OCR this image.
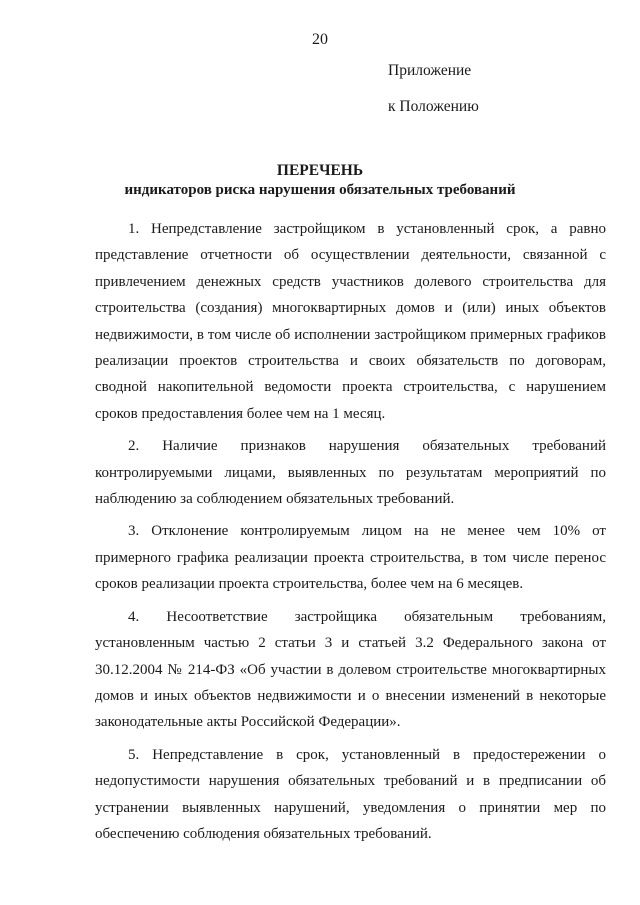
20
Приложение
к Положению
ПЕРЕЧЕНЬ
индикаторов риска нарушения обязательных требований

1. Непредставление застройщиком в установленный срок, а равно представление отчетности об осуществлении деятельности, связанной с привлечением денежных средств участников долевого строительства для строительства (создания) многоквартирных домов и (или) иных объектов недвижимости, в том числе об исполнении застройщиком примерных графиков реализации проектов строительства и своих обязательств по договорам, сводной накопительной ведомости проекта строительства, с нарушением сроков предоставления более чем на 1 месяц.

2. Наличие признаков нарушения обязательных требований контролируемыми лицами, выявленных по результатам мероприятий по наблюдению за соблюдением обязательных требований.

3. Отклонение контролируемым лицом на не менее чем 10% от примерного графика реализации проекта строительства, в том числе перенос сроков реализации проекта строительства, более чем на 6 месяцев.

4. Несоответствие застройщика обязательным требованиям, установленным частью 2 статьи 3 и статьей 3.2 Федерального закона от 30.12.2004 № 214-ФЗ «Об участии в долевом строительстве многоквартирных домов и иных объектов недвижимости и о внесении изменений в некоторые законодательные акты Российской Федерации».

5. Непредставление в срок, установленный в предостережении о недопустимости нарушения обязательных требований и в предписании об устранении выявленных нарушений, уведомления о принятии мер по обеспечению соблюдения обязательных требований.
